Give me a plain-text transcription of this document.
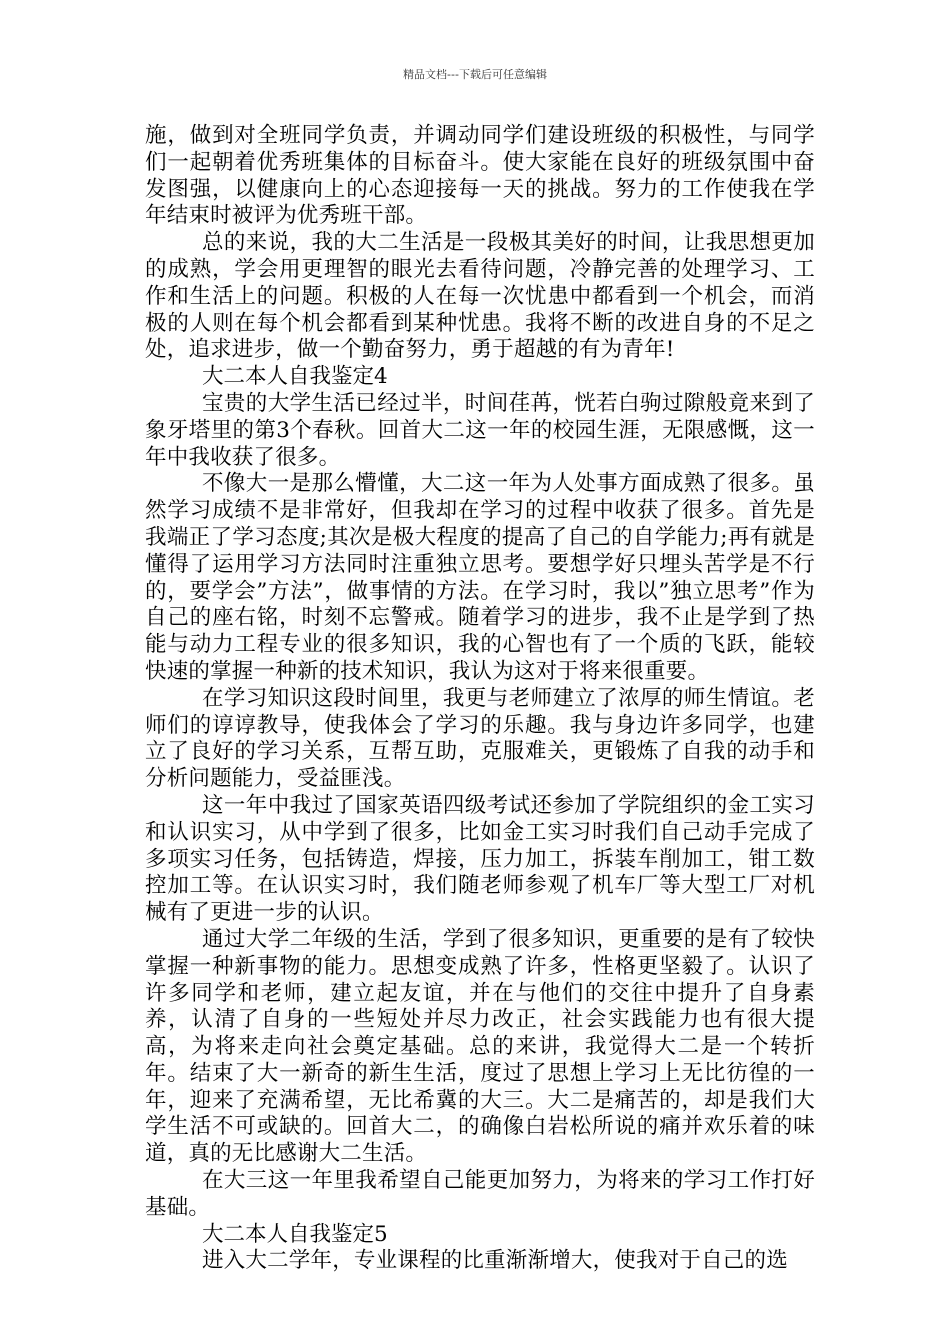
精品文档---下载后可任意编辑

施，做到对全班同学负责，并调动同学们建设班级的积极性，与同学们一起朝着优秀班集体的目标奋斗。使大家能在良好的班级氛围中奋发图强，以健康向上的心态迎接每一天的挑战。努力的工作使我在学年结束时被评为优秀班干部。

总的来说，我的大二生活是一段极其美好的时间，让我思想更加的成熟，学会用更理智的眼光去看待问题，冷静完善的处理学习、工作和生活上的问题。积极的人在每一次忧患中都看到一个机会，而消极的人则在每个机会都看到某种忧患。我将不断的改进自身的不足之处，追求进步，做一个勤奋努力，勇于超越的有为青年!

大二本人自我鉴定4

宝贵的大学生活已经过半，时间荏苒，恍若白驹过隙般竟来到了象牙塔里的第3个春秋。回首大二这一年的校园生涯，无限感慨，这一年中我收获了很多。

不像大一是那么懵懂，大二这一年为人处事方面成熟了很多。虽然学习成绩不是非常好，但我却在学习的过程中收获了很多。首先是我端正了学习态度;其次是极大程度的提高了自己的自学能力;再有就是懂得了运用学习方法同时注重独立思考。要想学好只埋头苦学是不行的，要学会”方法”，做事情的方法。在学习时，我以”独立思考”作为自己的座右铭，时刻不忘警戒。随着学习的进步，我不止是学到了热能与动力工程专业的很多知识，我的心智也有了一个质的飞跃，能较快速的掌握一种新的技术知识，我认为这对于将来很重要。

在学习知识这段时间里，我更与老师建立了浓厚的师生情谊。老师们的谆谆教导，使我体会了学习的乐趣。我与身边许多同学，也建立了良好的学习关系，互帮互助，克服难关，更锻炼了自我的动手和分析问题能力，受益匪浅。

这一年中我过了国家英语四级考试还参加了学院组织的金工实习和认识实习，从中学到了很多，比如金工实习时我们自己动手完成了多项实习任务，包括铸造，焊接，压力加工，拆装车削加工，钳工数控加工等。在认识实习时，我们随老师参观了机车厂等大型工厂对机械有了更进一步的认识。

通过大学二年级的生活，学到了很多知识，更重要的是有了较快掌握一种新事物的能力。思想变成熟了许多，性格更坚毅了。认识了许多同学和老师，建立起友谊，并在与他们的交往中提升了自身素养，认清了自身的一些短处并尽力改正，社会实践能力也有很大提高，为将来走向社会奠定基础。总的来讲，我觉得大二是一个转折年。结束了大一新奇的新生生活，度过了思想上学习上无比彷徨的一年，迎来了充满希望，无比希冀的大三。大二是痛苦的，却是我们大学生活不可或缺的。回首大二，的确像白岩松所说的痛并欢乐着的味道，真的无比感谢大二生活。

在大三这一年里我希望自己能更加努力，为将来的学习工作打好基础。

大二本人自我鉴定5

进入大二学年，专业课程的比重渐渐增大，使我对于自己的选
